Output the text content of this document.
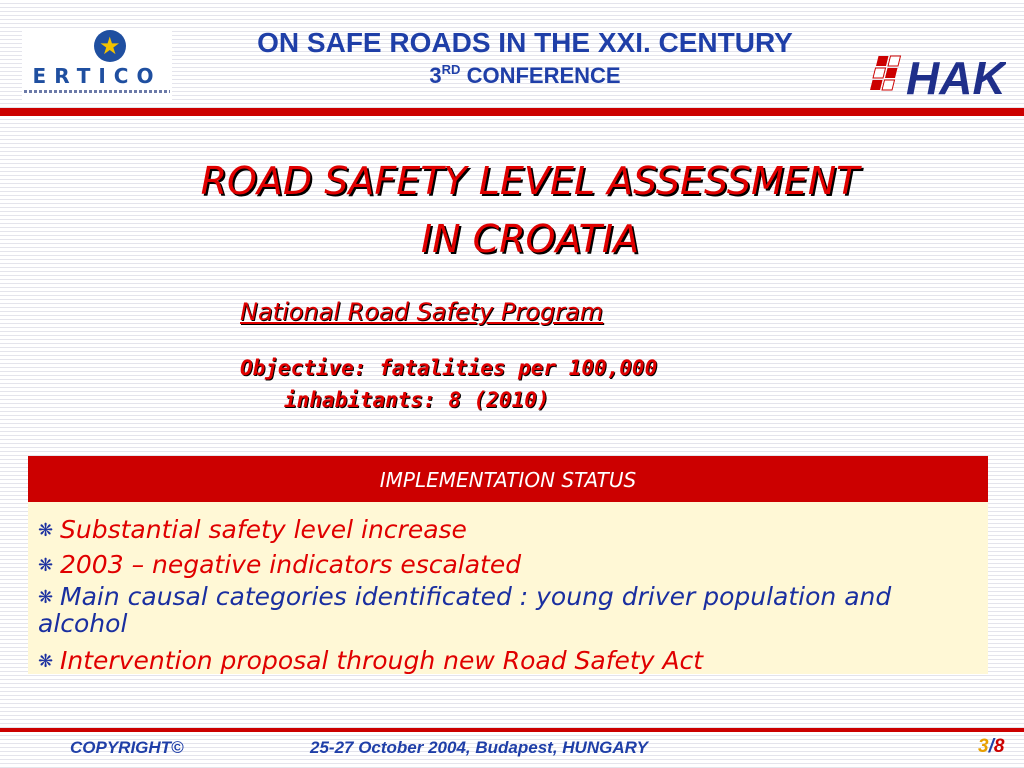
★
ERTICO
ON SAFE ROADS IN THE XXI. CENTURY
3RD CONFERENCE	HAK
ROAD SAFETY LEVEL ASSESSMENT
IN CROATIA
National Road Safety Program
Objective: fatalities per 100,000
inhabitants: 8 (2010)
IMPLEMENTATION STATUS
❋ Substantial safety level increase
❋ 2003 – negative indicators escalated
❋ Main causal categories identificated : young driver population and alcohol
❋ Intervention proposal through new Road Safety Act
COPYRIGHT©	25-27 October 2004, Budapest, HUNGARY	3/8
